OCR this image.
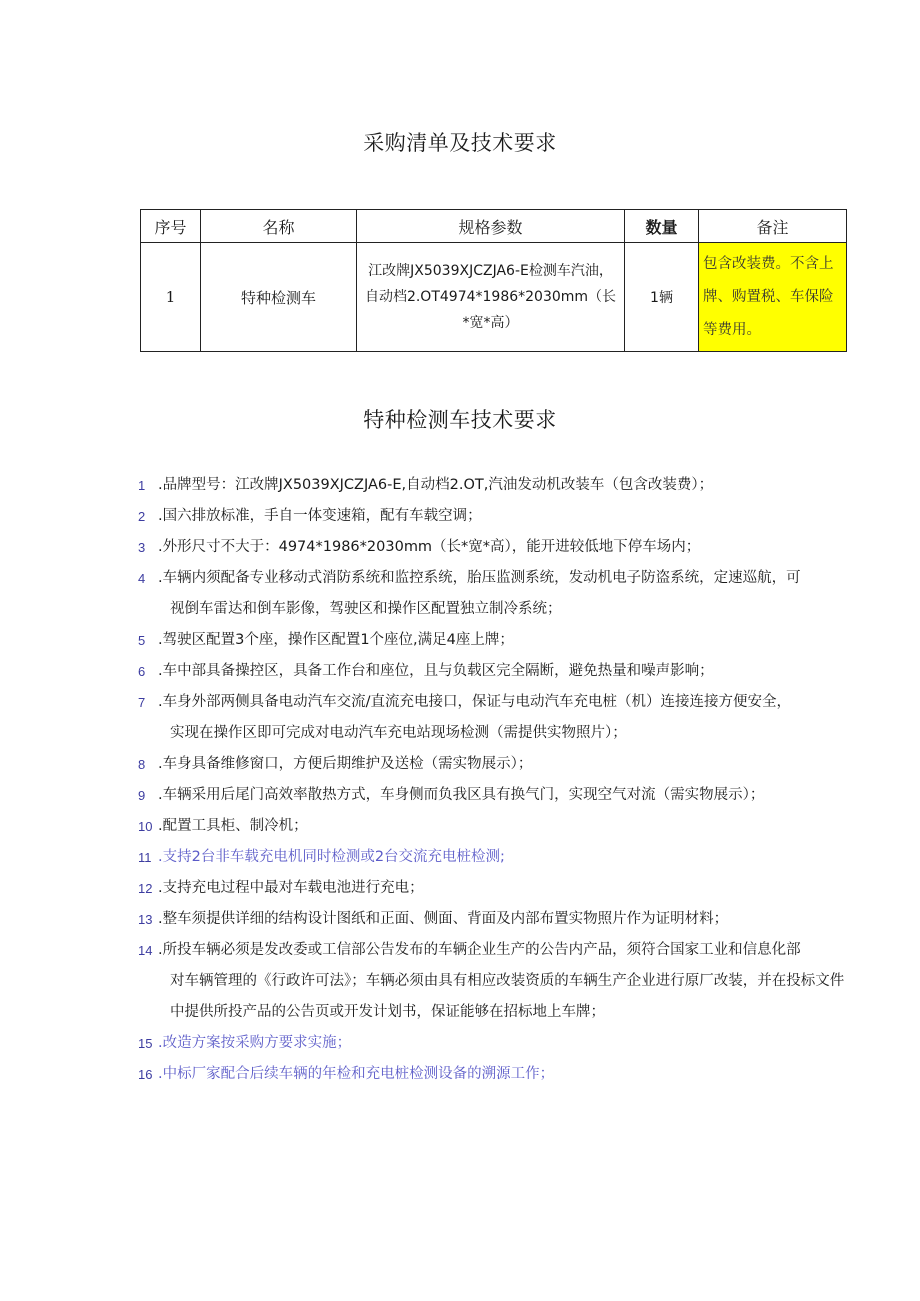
采购清单及技术要求
序号	名称	规格参数	数量	备注
1	特种检测车	江改牌JX5039XJCZJA6-E检测车汽油，自动档2.OT4974*1986*2030mm（长*宽*高）	1辆	包含改装费。不含上牌、购置税、车保险等费用。
特种检测车技术要求
1 .品牌型号：江改牌JX5039XJCZJA6-E,自动档2.OT,汽油发动机改装车（包含改装费）；
2 .国六排放标准，手自一体变速箱，配有车载空调；
3 .外形尺寸不大于：4974*1986*2030mm（长*宽*高），能开进较低地下停车场内；
4 .车辆内须配备专业移动式消防系统和监控系统，胎压监测系统，发动机电子防盗系统，定速巡航，可
视倒车雷达和倒车影像，驾驶区和操作区配置独立制冷系统；
5 .驾驶区配置3个座，操作区配置1个座位,满足4座上牌；
6 .车中部具备操控区，具备工作台和座位，且与负载区完全隔断，避免热量和噪声影响；
7 .车身外部两侧具备电动汽车交流/直流充电接口，保证与电动汽车充电桩（机）连接连接方便安全，
实现在操作区即可完成对电动汽车充电站现场检测（需提供实物照片）；
8 .车身具备维修窗口，方便后期维护及送检（需实物展示）；
9 .车辆采用后尾门高效率散热方式，车身侧而负我区具有换气门，实现空气对流（需实物展示）；
10 .配置工具柜、制冷机；
11 .支持2台非车载充电机同时检测或2台交流充电桩检测;
12 .支持充电过程中最对车载电池进行充电；
13 .整车须提供详细的结构设计图纸和正面、侧面、背面及内部布置实物照片作为证明材料；
14 .所投车辆必须是发改委或工信部公告发布的车辆企业生产的公告内产品，须符合国家工业和信息化部
对车辆管理的《行政许可法》；车辆必须由具有相应改装资质的车辆生产企业进行原厂改装，并在投标文件中提供所投产品的公告页或开发计划书，保证能够在招标地上车牌；
15 .改造方案按采购方要求实施；
16 .中标厂家配合后续车辆的年检和充电桩检测设备的溯源工作；
